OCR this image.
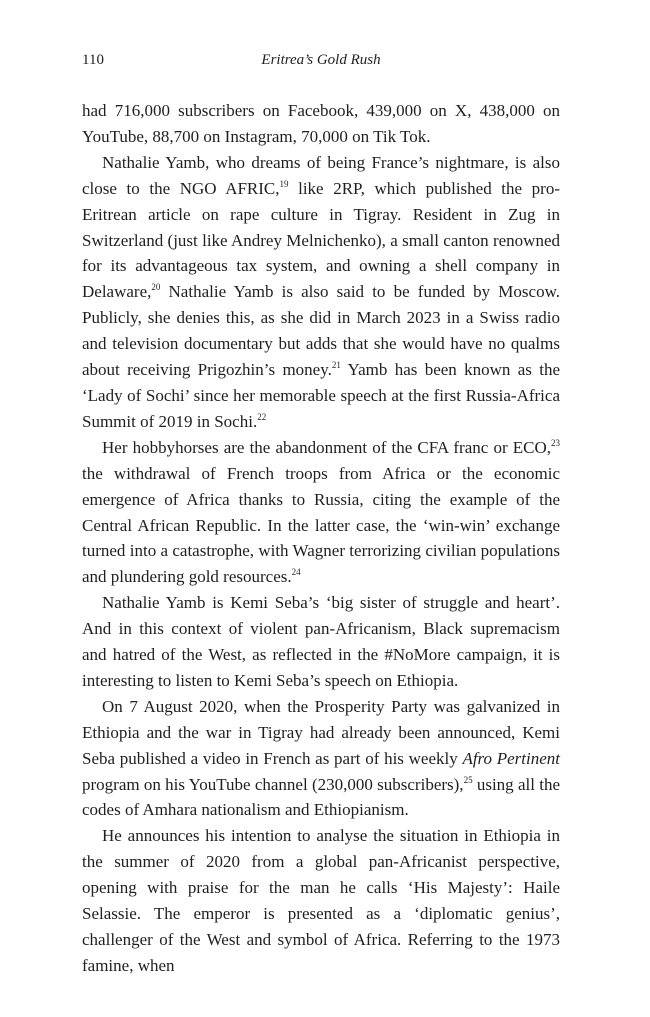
110	Eritrea’s Gold Rush

had 716,000 subscribers on Facebook, 439,000 on X, 438,000 on YouTube, 88,700 on Instagram, 70,000 on Tik Tok.

Nathalie Yamb, who dreams of being France’s nightmare, is also close to the NGO AFRIC,$^{19}$ like 2RP, which published the pro-Eritrean article on rape culture in Tigray. Resident in Zug in Switzerland (just like Andrey Melnichenko), a small canton renowned for its advantageous tax system, and owning a shell company in Delaware,$^{20}$ Nathalie Yamb is also said to be funded by Moscow. Publicly, she denies this, as she did in March 2023 in a Swiss radio and television documentary but adds that she would have no qualms about receiving Prigozhin’s money.$^{21}$ Yamb has been known as the ‘Lady of Sochi’ since her memorable speech at the first Russia-Africa Summit of 2019 in Sochi.$^{22}$

Her hobbyhorses are the abandonment of the CFA franc or ECO,$^{23}$ the withdrawal of French troops from Africa or the economic emergence of Africa thanks to Russia, citing the example of the Central African Republic. In the latter case, the ‘win-win’ exchange turned into a catastrophe, with Wagner terrorizing civilian populations and plundering gold resources.$^{24}$

Nathalie Yamb is Kemi Seba’s ‘big sister of struggle and heart’. And in this context of violent pan-Africanism, Black supremacism and hatred of the West, as reflected in the #NoMore campaign, it is interesting to listen to Kemi Seba’s speech on Ethiopia.

On 7 August 2020, when the Prosperity Party was galvanized in Ethiopia and the war in Tigray had already been announced, Kemi Seba published a video in French as part of his weekly Afro Pertinent program on his YouTube channel (230,000 subscribers),$^{25}$ using all the codes of Amhara nationalism and Ethiopianism.

He announces his intention to analyse the situation in Ethiopia in the summer of 2020 from a global pan-Africanist perspective, opening with praise for the man he calls ‘His Majesty’: Haile Selassie. The emperor is presented as a ‘diplomatic genius’, challenger of the West and symbol of Africa. Referring to the 1973 famine, when
